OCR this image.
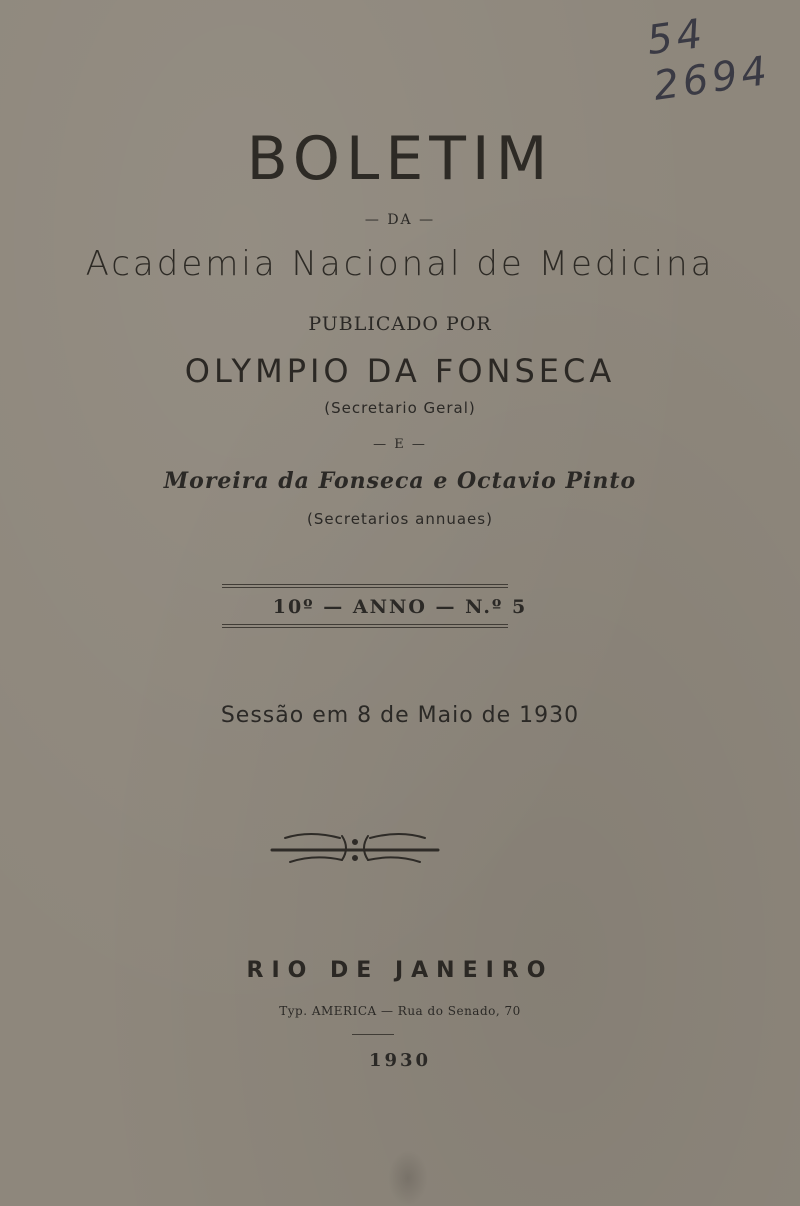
54
2694
BOLETIM
— DA —
Academia Nacional de Medicina
PUBLICADO POR
OLYMPIO DA FONSECA
(Secretario Geral)
— E —
Moreira da Fonseca e Octavio Pinto
(Secretarios annuaes)
10º — ANNO — N.º 5
Sessão em 8 de Maio de 1930
RIO DE JANEIRO
Typ. AMERICA — Rua do Senado, 70
1930
